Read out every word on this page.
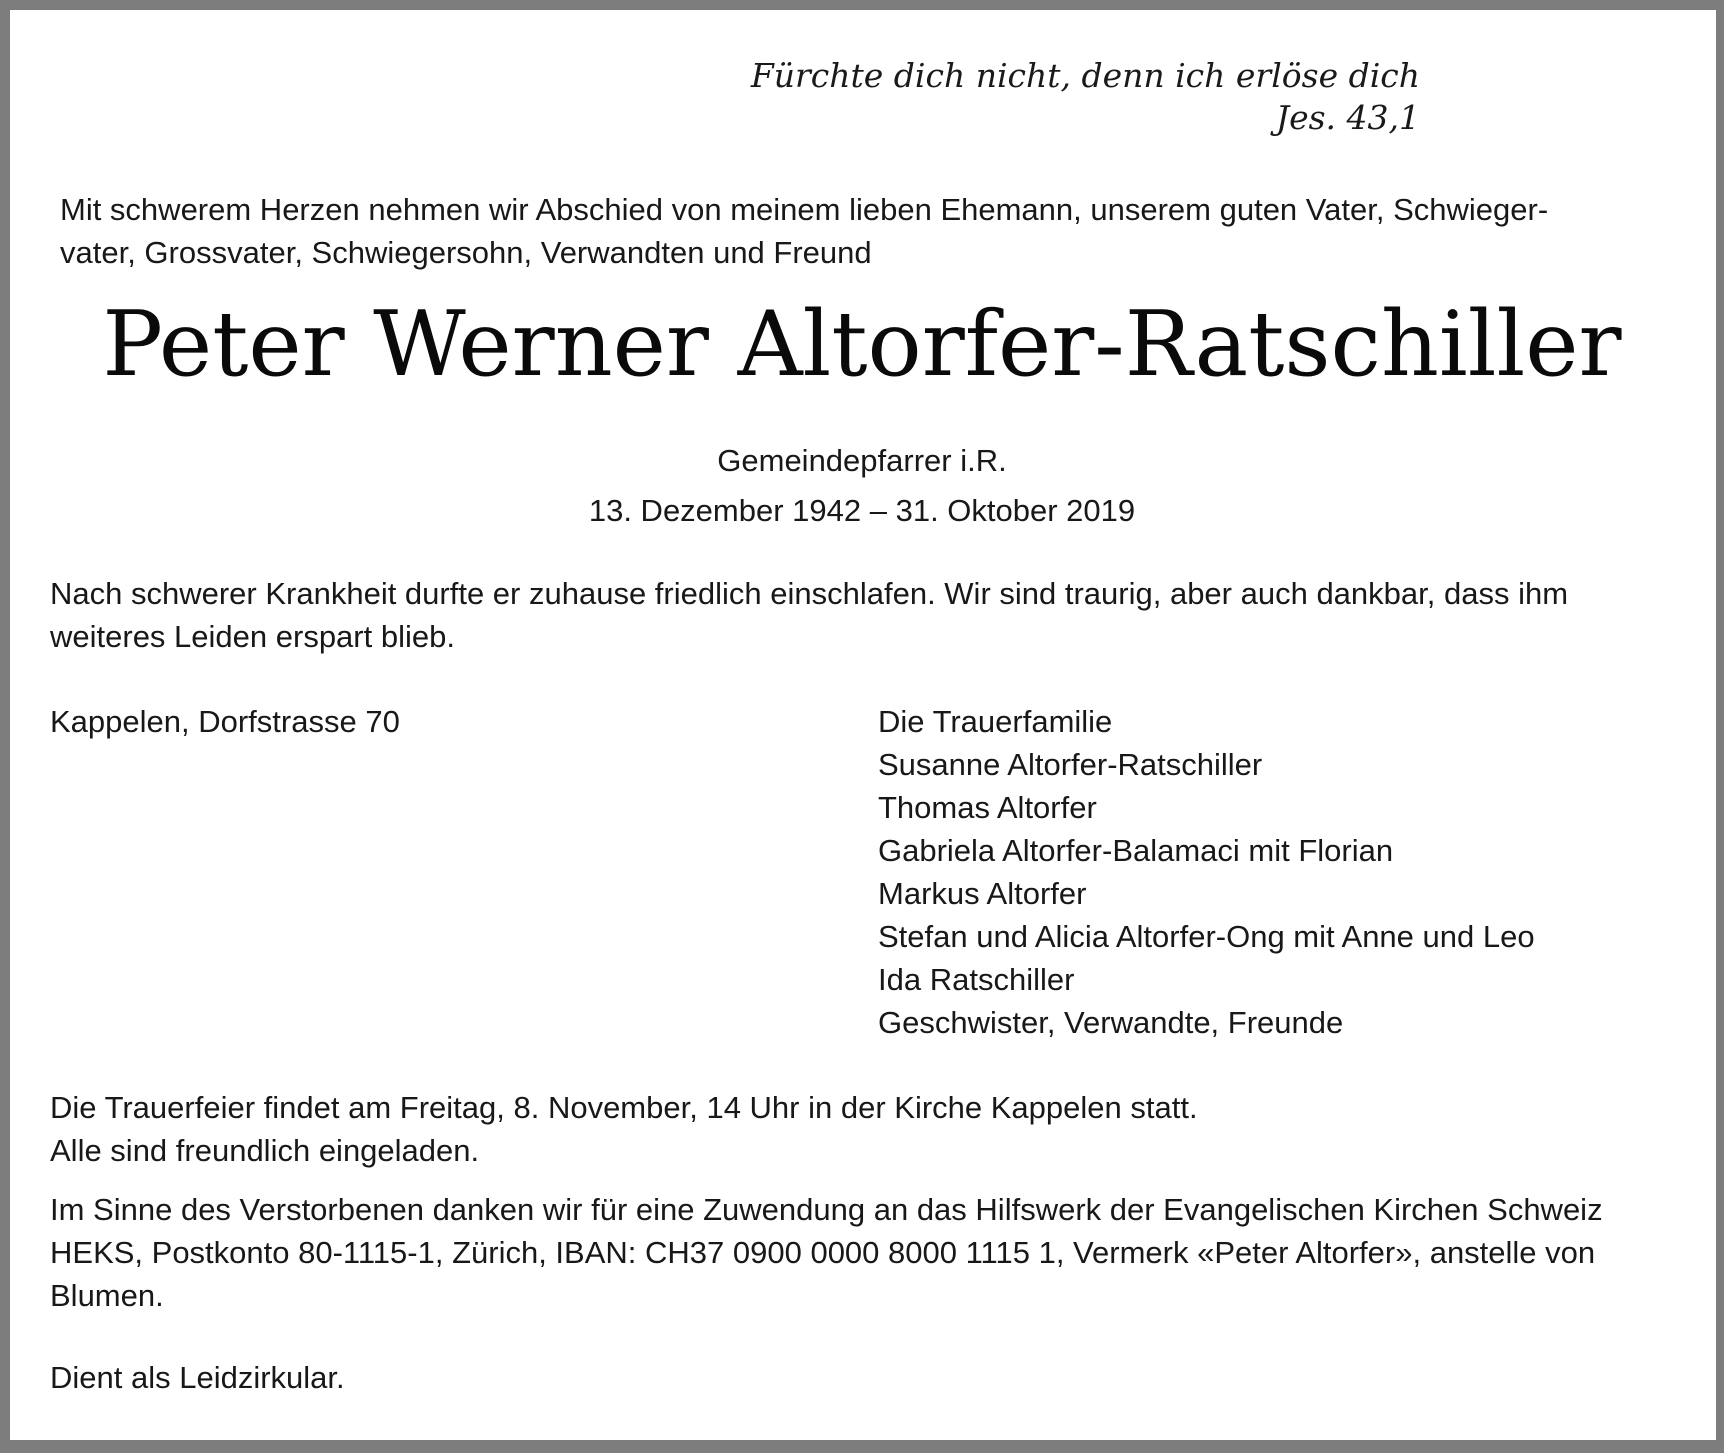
Fürchte dich nicht, denn ich erlöse dich
Jes. 43,1
Mit schwerem Herzen nehmen wir Abschied von meinem lieben Ehemann, unserem guten Vater, Schwieger-
vater, Grossvater, Schwiegersohn, Verwandten und Freund
Peter Werner Altorfer-Ratschiller
Gemeindepfarrer i.R.
13. Dezember 1942 – 31. Oktober 2019
Nach schwerer Krankheit durfte er zuhause friedlich einschlafen. Wir sind traurig, aber auch dankbar, dass ihm weiteres Leiden erspart blieb.
Kappelen, Dorfstrasse 70	Die Trauerfamilie
Susanne Altorfer-Ratschiller
Thomas Altorfer
Gabriela Altorfer-Balamaci mit Florian
Markus Altorfer
Stefan und Alicia Altorfer-Ong mit Anne und Leo
Ida Ratschiller
Geschwister, Verwandte, Freunde

Die Trauerfeier findet am Freitag, 8. November, 14 Uhr in der Kirche Kappelen statt.

Alle sind freundlich eingeladen.

Im Sinne des Verstorbenen danken wir für eine Zuwendung an das Hilfswerk der Evangelischen Kirchen Schweiz HEKS, Postkonto 80-1115-1, Zürich, IBAN: CH37 0900 0000 8000 1115 1, Vermerk «Peter Altorfer», anstelle von Blumen.

Dient als Leidzirkular.
